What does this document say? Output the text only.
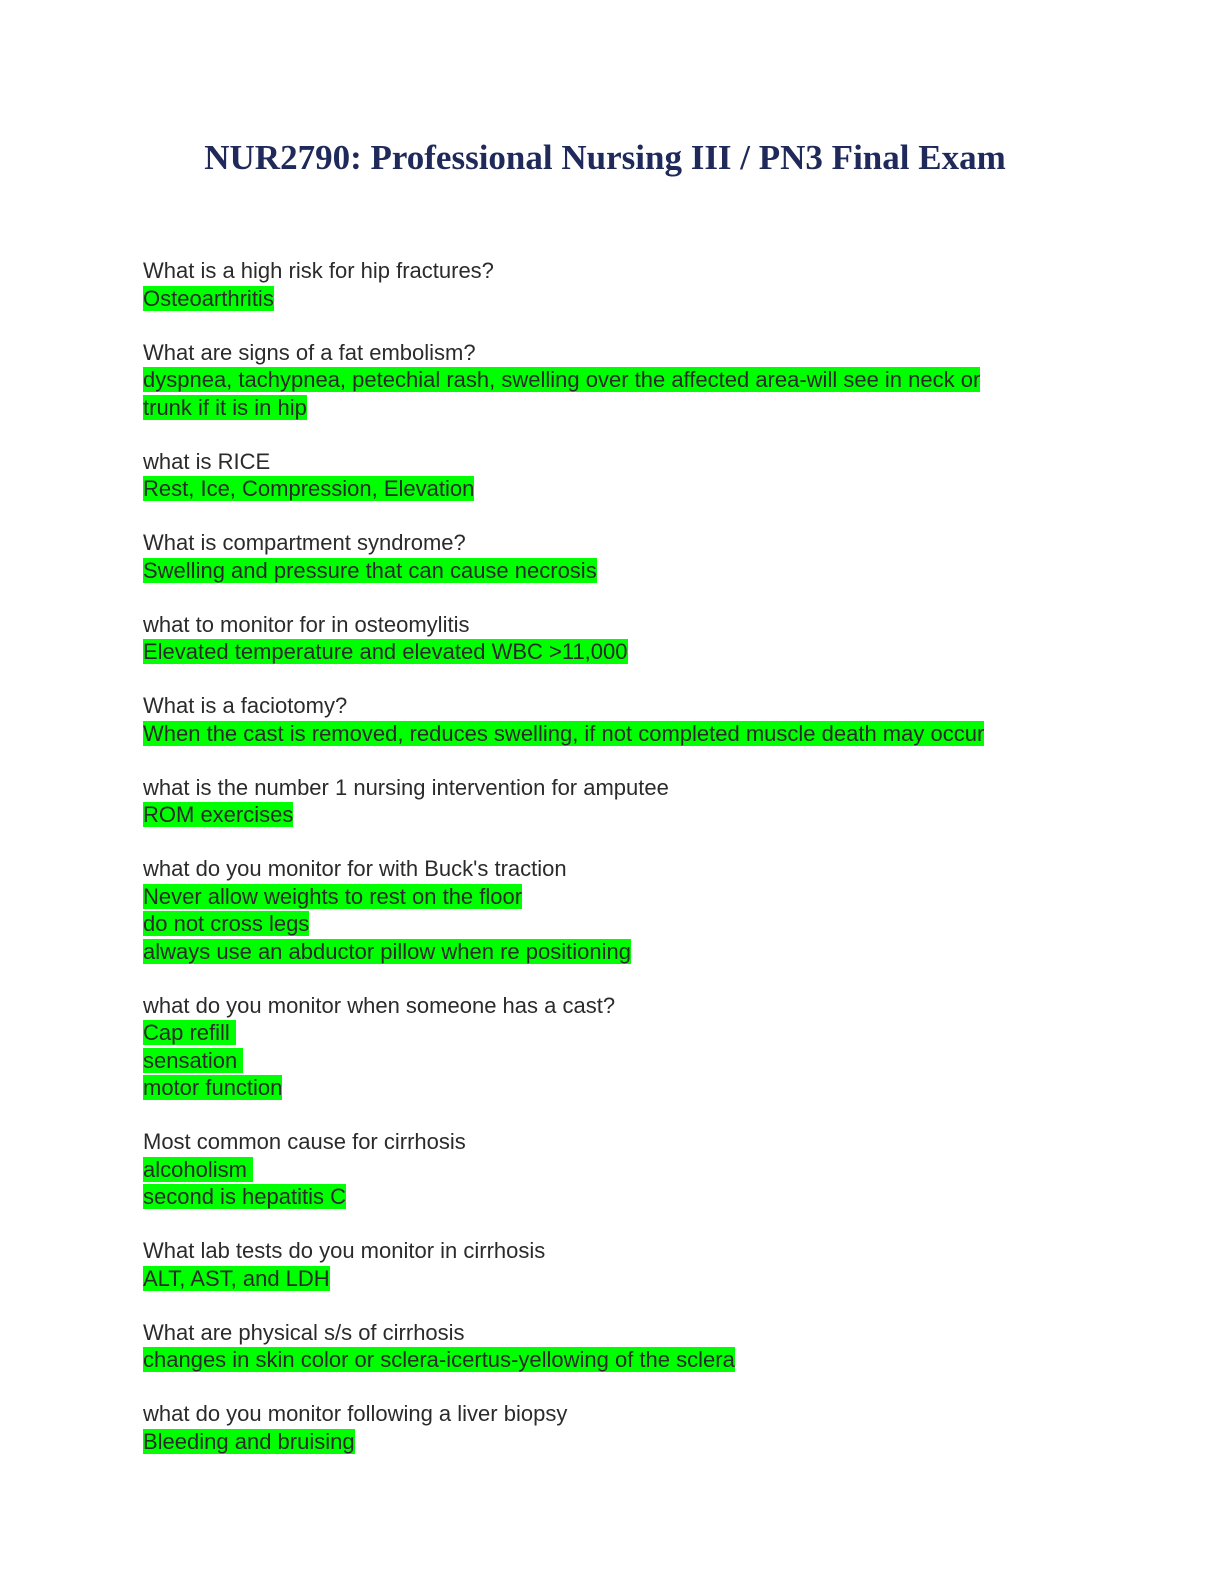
NUR2790: Professional Nursing III / PN3 Final Exam
What is a high risk for hip fractures?
Osteoarthritis
What are signs of a fat embolism?
dyspnea, tachypnea, petechial rash, swelling over the affected area-will see in neck or
trunk if it is in hip
what is RICE
Rest, Ice, Compression, Elevation
What is compartment syndrome?
Swelling and pressure that can cause necrosis
what to monitor for in osteomylitis
Elevated temperature and elevated WBC >11,000
What is a faciotomy?
When the cast is removed, reduces swelling, if not completed muscle death may occur
what is the number 1 nursing intervention for amputee
ROM exercises
what do you monitor for with Buck's traction
Never allow weights to rest on the floor
do not cross legs
always use an abductor pillow when re positioning
what do you monitor when someone has a cast?
Cap refill
sensation
motor function
Most common cause for cirrhosis
alcoholism
second is hepatitis C
What lab tests do you monitor in cirrhosis
ALT, AST, and LDH
What are physical s/s of cirrhosis
changes in skin color or sclera-icertus-yellowing of the sclera
what do you monitor following a liver biopsy
Bleeding and bruising
